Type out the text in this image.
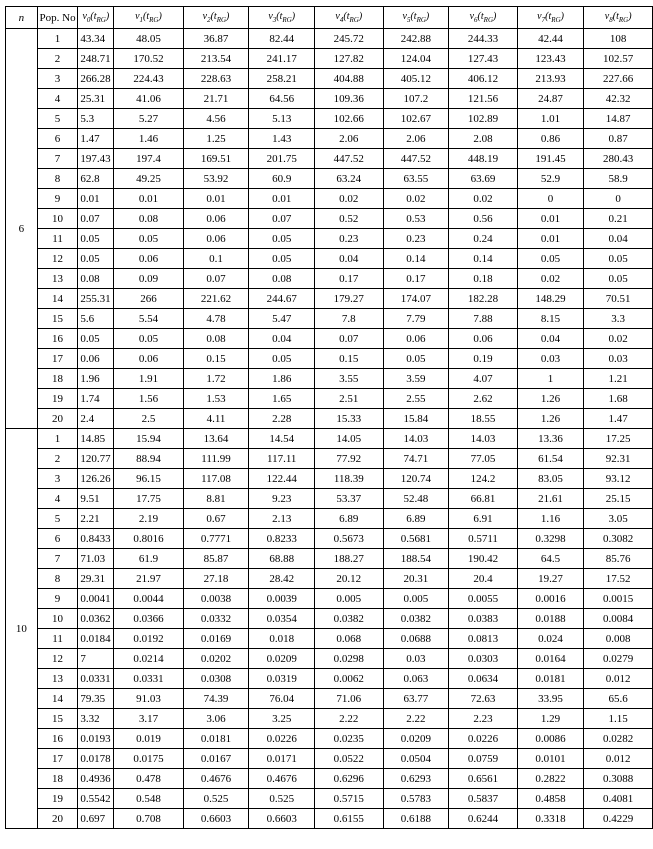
n	Pop. No	$v_0(t_{RG})$	$v_1(t_{RG})$	$v_2(t_{RG})$	$v_3(t_{RG})$	$v_4(t_{RG})$	$v_5(t_{RG})$	$v_6(t_{RG})$	$v_7(t_{RG})$	$v_8(t_{RG})$
6	1	43.34	48.05	36.87	82.44	245.72	242.88	244.33	42.44	108
	2	248.71	170.52	213.54	241.17	127.82	124.04	127.43	123.43	102.57
	3	266.28	224.43	228.63	258.21	404.88	405.12	406.12	213.93	227.66
	4	25.31	41.06	21.71	64.56	109.36	107.2	121.56	24.87	42.32
	5	5.3	5.27	4.56	5.13	102.66	102.67	102.89	1.01	14.87
	6	1.47	1.46	1.25	1.43	2.06	2.06	2.08	0.86	0.87
	7	197.43	197.4	169.51	201.75	447.52	447.52	448.19	191.45	280.43
	8	62.8	49.25	53.92	60.9	63.24	63.55	63.69	52.9	58.9
	9	0.01	0.01	0.01	0.01	0.02	0.02	0.02	0	0
	10	0.07	0.08	0.06	0.07	0.52	0.53	0.56	0.01	0.21
	11	0.05	0.05	0.06	0.05	0.23	0.23	0.24	0.01	0.04
	12	0.05	0.06	0.1	0.05	0.04	0.14	0.14	0.05	0.05
	13	0.08	0.09	0.07	0.08	0.17	0.17	0.18	0.02	0.05
	14	255.31	266	221.62	244.67	179.27	174.07	182.28	148.29	70.51
	15	5.6	5.54	4.78	5.47	7.8	7.79	7.88	8.15	3.3
	16	0.05	0.05	0.08	0.04	0.07	0.06	0.06	0.04	0.02
	17	0.06	0.06	0.15	0.05	0.15	0.05	0.19	0.03	0.03
	18	1.96	1.91	1.72	1.86	3.55	3.59	4.07	1	1.21
	19	1.74	1.56	1.53	1.65	2.51	2.55	2.62	1.26	1.68
	20	2.4	2.5	4.11	2.28	15.33	15.84	18.55	1.26	1.47
10	1	14.85	15.94	13.64	14.54	14.05	14.03	14.03	13.36	17.25
	2	120.77	88.94	111.99	117.11	77.92	74.71	77.05	61.54	92.31
	3	126.26	96.15	117.08	122.44	118.39	120.74	124.2	83.05	93.12
	4	9.51	17.75	8.81	9.23	53.37	52.48	66.81	21.61	25.15
	5	2.21	2.19	0.67	2.13	6.89	6.89	6.91	1.16	3.05
	6	0.8433	0.8016	0.7771	0.8233	0.5673	0.5681	0.5711	0.3298	0.3082
	7	71.03	61.9	85.87	68.88	188.27	188.54	190.42	64.5	85.76
	8	29.31	21.97	27.18	28.42	20.12	20.31	20.4	19.27	17.52
	9	0.0041	0.0044	0.0038	0.0039	0.005	0.005	0.0055	0.0016	0.0015
	10	0.0362	0.0366	0.0332	0.0354	0.0382	0.0382	0.0383	0.0188	0.0084
	11	0.0184	0.0192	0.0169	0.018	0.068	0.0688	0.0813	0.024	0.008
	12	7	0.0214	0.0202	0.0209	0.0298	0.03	0.0303	0.0164	0.0279
	13	0.0331	0.0331	0.0308	0.0319	0.0062	0.063	0.0634	0.0181	0.012
	14	79.35	91.03	74.39	76.04	71.06	63.77	72.63	33.95	65.6
	15	3.32	3.17	3.06	3.25	2.22	2.22	2.23	1.29	1.15
	16	0.0193	0.019	0.0181	0.0226	0.0235	0.0209	0.0226	0.0086	0.0282
	17	0.0178	0.0175	0.0167	0.0171	0.0522	0.0504	0.0759	0.0101	0.012
	18	0.4936	0.478	0.4676	0.4676	0.6296	0.6293	0.6561	0.2822	0.3088
	19	0.5542	0.548	0.525	0.525	0.5715	0.5783	0.5837	0.4858	0.4081
	20	0.697	0.708	0.6603	0.6603	0.6155	0.6188	0.6244	0.3318	0.4229
